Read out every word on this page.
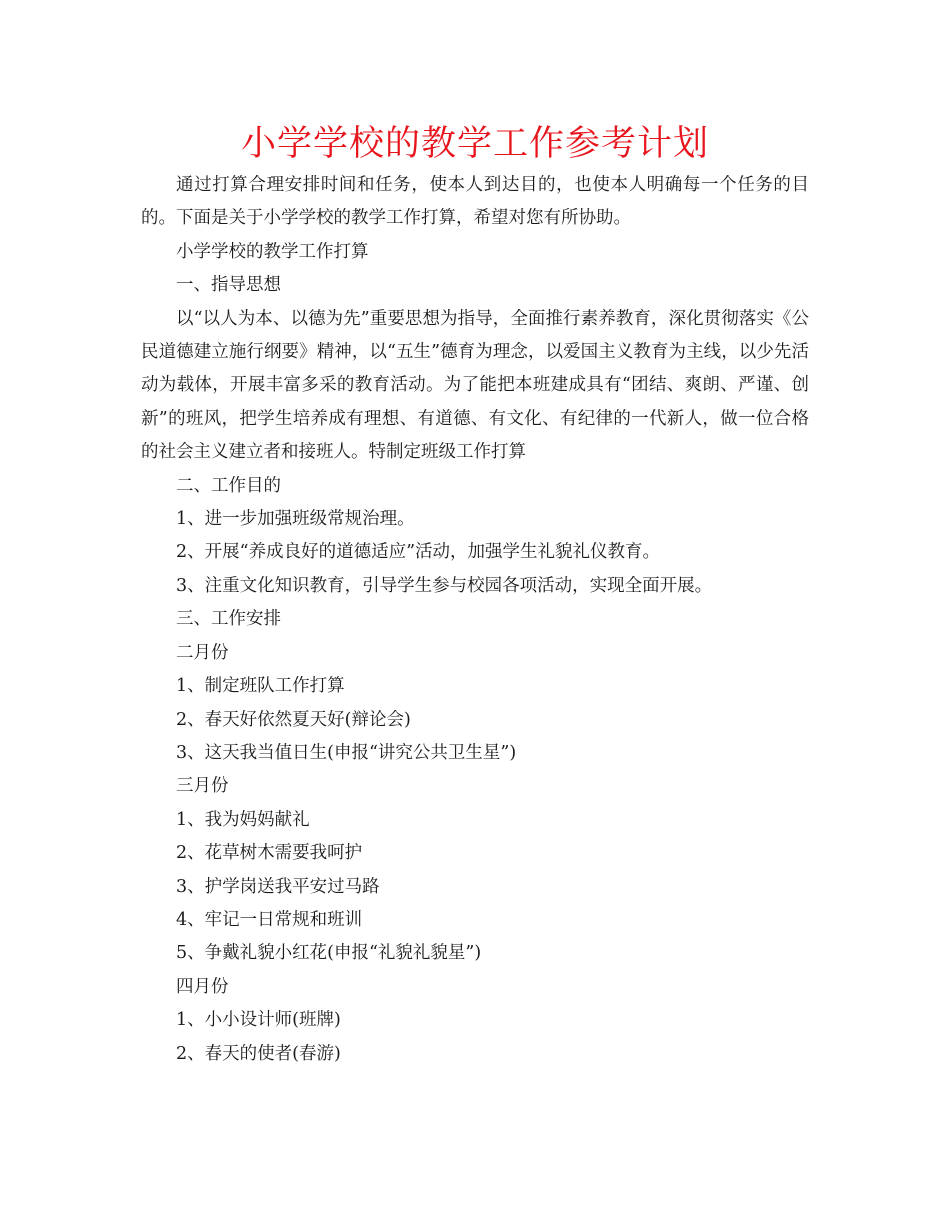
小学学校的教学工作参考计划

通过打算合理安排时间和任务，使本人到达目的，也使本人明确每一个任务的目的。下面是关于小学学校的教学工作打算，希望对您有所协助。

小学学校的教学工作打算

一、指导思想

以“以人为本、以德为先”重要思想为指导，全面推行素养教育，深化贯彻落实《公民道德建立施行纲要》精神，以“五生”德育为理念，以爱国主义教育为主线，以少先活动为载体，开展丰富多采的教育活动。为了能把本班建成具有“团结、爽朗、严谨、创新”的班风，把学生培养成有理想、有道德、有文化、有纪律的一代新人，做一位合格的社会主义建立者和接班人。特制定班级工作打算

二、工作目的

1、进一步加强班级常规治理。

2、开展“养成良好的道德适应”活动，加强学生礼貌礼仪教育。

3、注重文化知识教育，引导学生参与校园各项活动，实现全面开展。

三、工作安排

二月份

1、制定班队工作打算

2、春天好依然夏天好(辩论会)

3、这天我当值日生(申报“讲究公共卫生星”)

三月份

1、我为妈妈献礼

2、花草树木需要我呵护

3、护学岗送我平安过马路

4、牢记一日常规和班训

5、争戴礼貌小红花(申报“礼貌礼貌星”)

四月份

1、小小设计师(班牌)

2、春天的使者(春游)
